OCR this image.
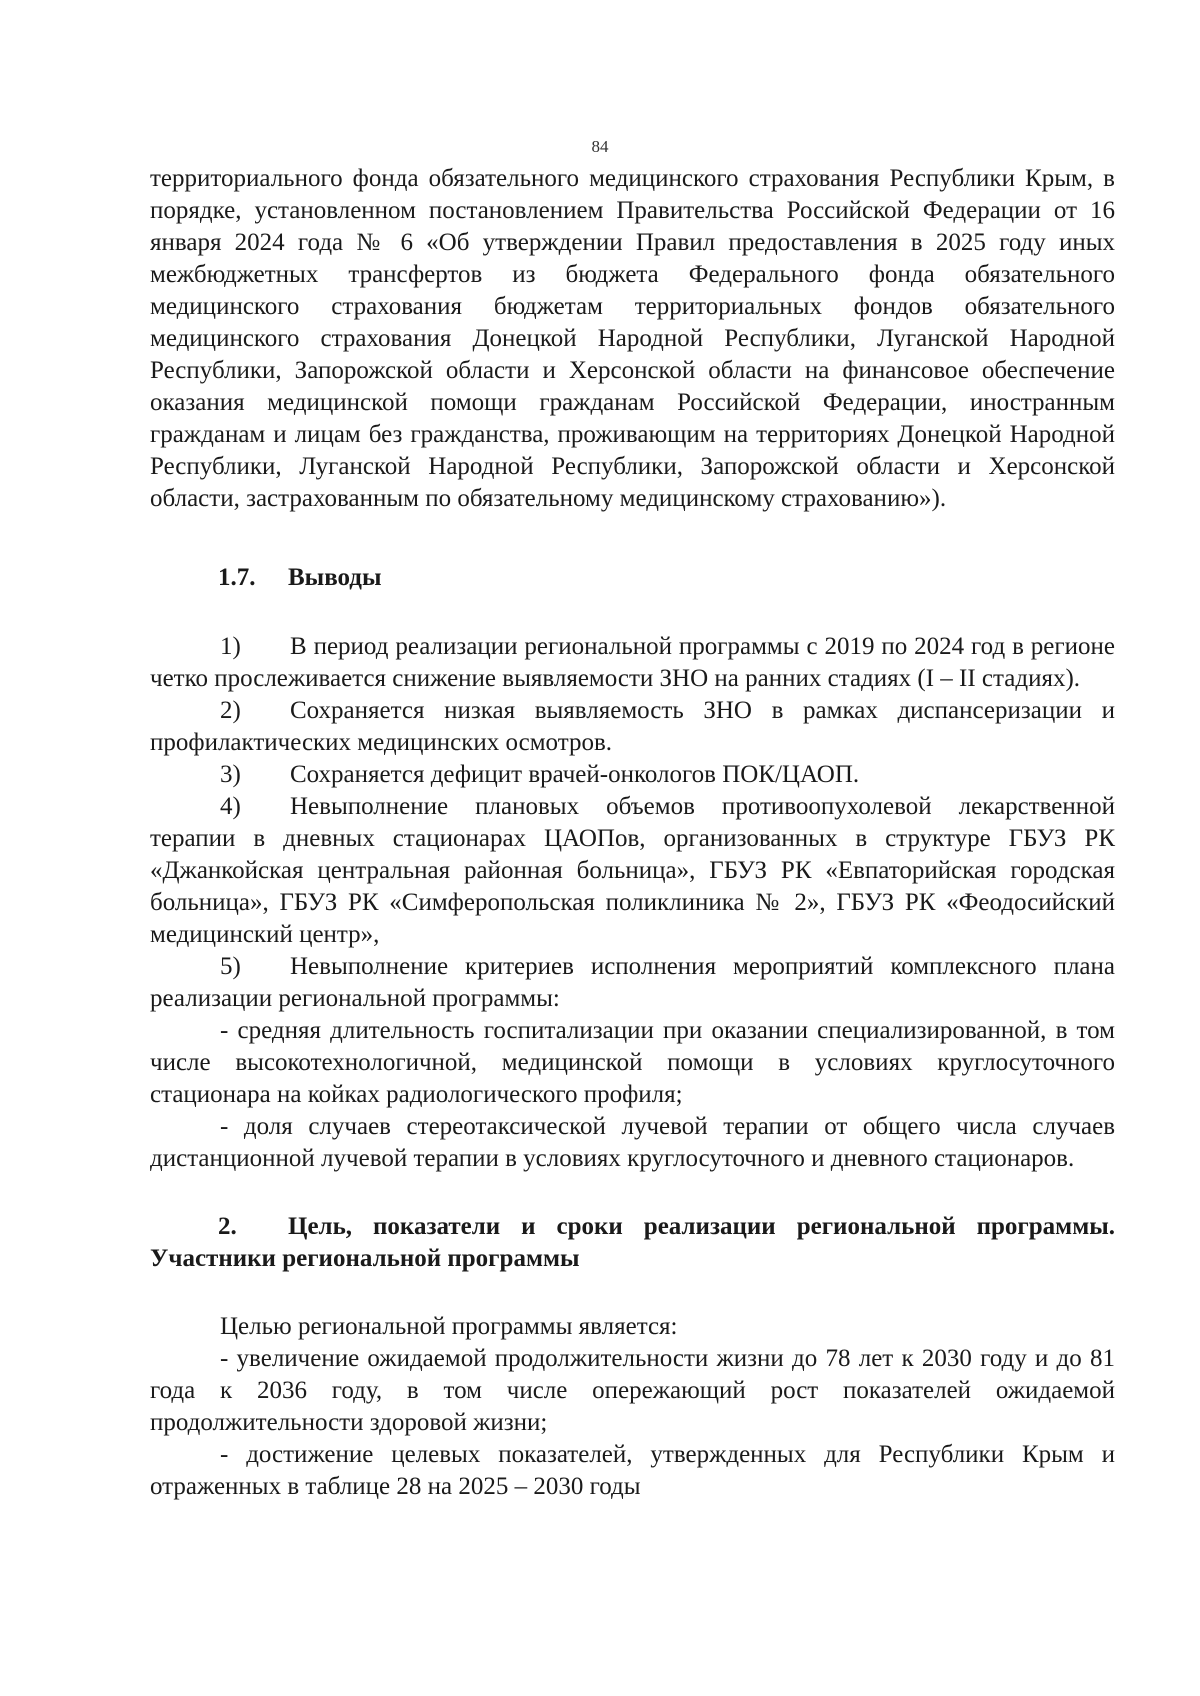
84

территориального фонда обязательного медицинского страхования Республики Крым, в порядке, установленном постановлением Правительства Российской Федерации от 16 января 2024 года № 6 «Об утверждении Правил предоставления в 2025 году иных межбюджетных трансфертов из бюджета Федерального фонда обязательного медицинского страхования бюджетам территориальных фондов обязательного медицинского страхования Донецкой Народной Республики, Луганской Народной Республики, Запорожской области и Херсонской области на финансовое обеспечение оказания медицинской помощи гражданам Российской Федерации, иностранным гражданам и лицам без гражданства, проживающим на территориях Донецкой Народной Республики, Луганской Народной Республики, Запорожской области и Херсонской области, застрахованным по обязательному медицинскому страхованию»).

1.7. Выводы

1) В период реализации региональной программы с 2019 по 2024 год в регионе четко прослеживается снижение выявляемости ЗНО на ранних стадиях (I – II стадиях).

2) Сохраняется низкая выявляемость ЗНО в рамках диспансеризации и профилактических медицинских осмотров.

3) Сохраняется дефицит врачей-онкологов ПОК/ЦАОП.

4) Невыполнение плановых объемов противоопухолевой лекарственной терапии в дневных стационарах ЦАОПов, организованных в структуре ГБУЗ РК «Джанкойская центральная районная больница», ГБУЗ РК «Евпаторийская городская больница», ГБУЗ РК «Симферопольская поликлиника № 2», ГБУЗ РК «Феодосийский медицинский центр»,

5) Невыполнение критериев исполнения мероприятий комплексного плана реализации региональной программы:

- средняя длительность госпитализации при оказании специализированной, в том числе высокотехнологичной, медицинской помощи в условиях круглосуточного стационара на койках радиологического профиля;

- доля случаев стереотаксической лучевой терапии от общего числа случаев дистанционной лучевой терапии в условиях круглосуточного и дневного стационаров.

2. Цель, показатели и сроки реализации региональной программы. Участники региональной программы

Целью региональной программы является:

- увеличение ожидаемой продолжительности жизни до 78 лет к 2030 году и до 81 года к 2036 году, в том числе опережающий рост показателей ожидаемой продолжительности здоровой жизни;

- достижение целевых показателей, утвержденных для Республики Крым и отраженных в таблице 28 на 2025 – 2030 годы
